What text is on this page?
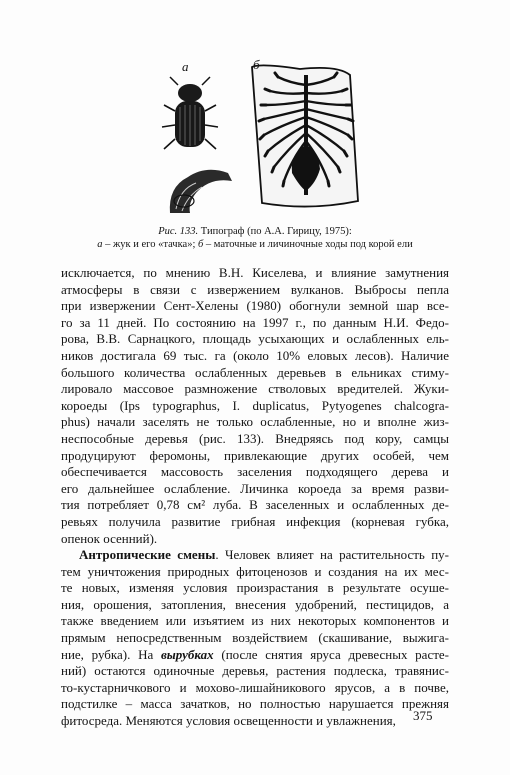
а	б
Рис. 133. Типограф (по А.А. Гирицу, 1975):
а – жук и его «тачка»; б – маточные и личиночные ходы под корой ели
исключается, по мнению В.Н. Киселева, и влияние замутнения
атмосферы в связи с извержением вулканов. Выбросы пепла
при извержении Сент-Хелены (1980) обогнули земной шар все-
го за 11 дней. По состоянию на 1997 г., по данным Н.И. Федо-
рова, В.В. Сарнацкого, площадь усыхающих и ослабленных ель-
ников достигала 69 тыс. га (около 10% еловых лесов). Наличие
большого количества ослабленных деревьев в ельниках стиму-
лировало массовое размножение стволовых вредителей. Жуки-
короеды (Ips typographus, I. duplicatus, Pytyogenes chalcogra-
phus) начали заселять не только ослабленные, но и вполне жиз-
неспособные деревья (рис. 133). Внедряясь под кору, самцы
продуцируют феромоны, привлекающие других особей, чем
обеспечивается массовость заселения подходящего дерева и
его дальнейшее ослабление. Личинка короеда за время разви-
тия потребляет 0,78 см² луба. В заселенных и ослабленных де-
ревьях получила развитие грибная инфекция (корневая губка,
опенок осенний).
Антропические смены. Человек влияет на растительность пу-
тем уничтожения природных фитоценозов и создания на их мес-
те новых, изменяя условия произрастания в результате осуше-
ния, орошения, затопления, внесения удобрений, пестицидов, а
также введением или изъятием из них некоторых компонентов и
прямым непосредственным воздействием (скашивание, выжига-
ние, рубка). На вырубках (после снятия яруса древесных расте-
ний) остаются одиночные деревья, растения подлеска, травянис-
то-кустарничкового и мохово-лишайникового ярусов, а в почве,
подстилке – масса зачатков, но полностью нарушается прежняя
фитосреда. Меняются условия освещенности и увлажнения,	375
